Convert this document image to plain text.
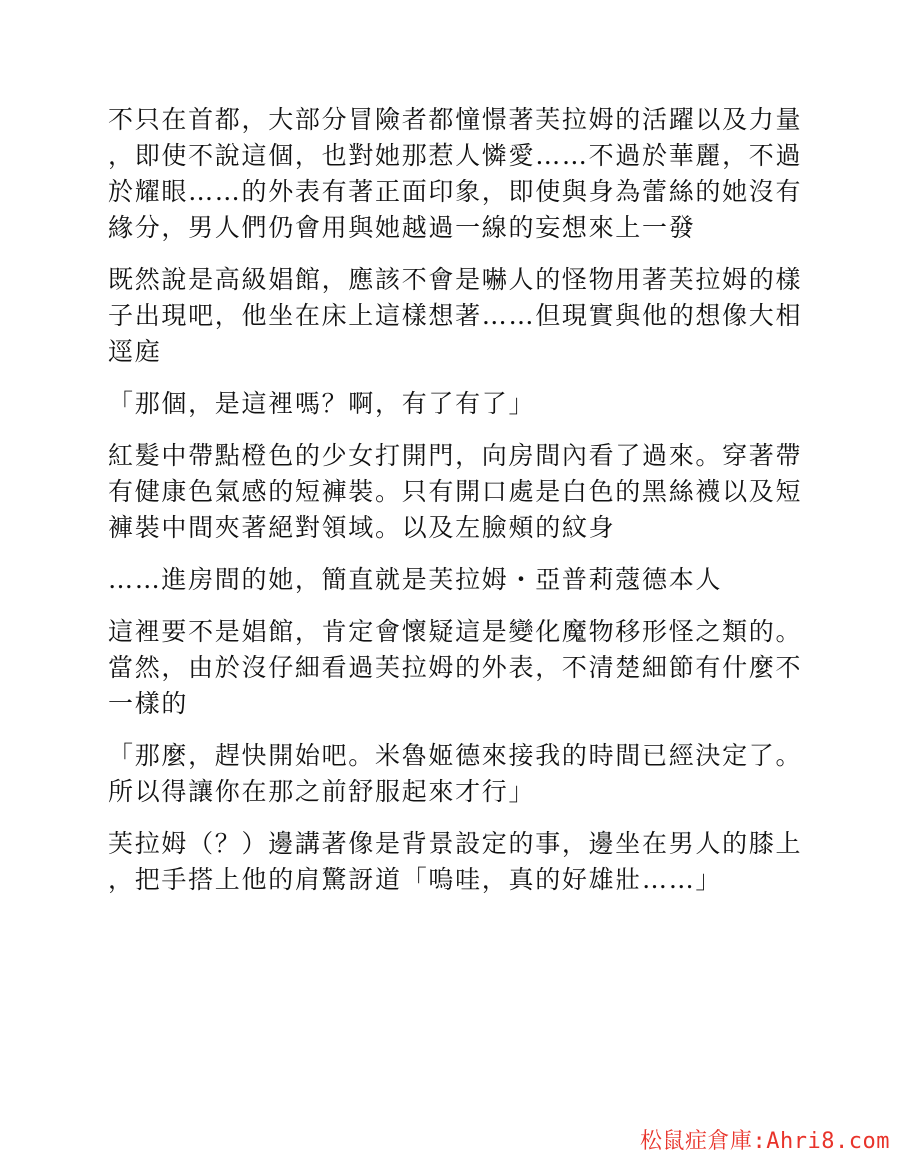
不只在首都，大部分冒險者都憧憬著芙拉姆的活躍以及力量
，即使不說這個，也對她那惹人憐愛……不過於華麗，不過
於耀眼……的外表有著正面印象，即使與身為蕾絲的她沒有
緣分，男人們仍會用與她越過一線的妄想來上一發

既然說是高級娼館，應該不會是嚇人的怪物用著芙拉姆的樣
子出現吧，他坐在床上這樣想著……但現實與他的想像大相
逕庭

「那個，是這裡嗎？啊，有了有了」

紅髮中帶點橙色的少女打開門，向房間內看了過來。穿著帶
有健康色氣感的短褲裝。只有開口處是白色的黑絲襪以及短
褲裝中間夾著絕對領域。以及左臉頰的紋身

……進房間的她，簡直就是芙拉姆・亞普莉蔻德本人

這裡要不是娼館，肯定會懷疑這是變化魔物移形怪之類的。
當然，由於沒仔細看過芙拉姆的外表，不清楚細節有什麼不
一樣的

「那麼，趕快開始吧。米魯姬德來接我的時間已經決定了。
所以得讓你在那之前舒服起來才行」

芙拉姆（？）邊講著像是背景設定的事，邊坐在男人的膝上
，把手搭上他的肩驚訝道「嗚哇，真的好雄壯……」

松鼠症倉庫:Ahri8.com
